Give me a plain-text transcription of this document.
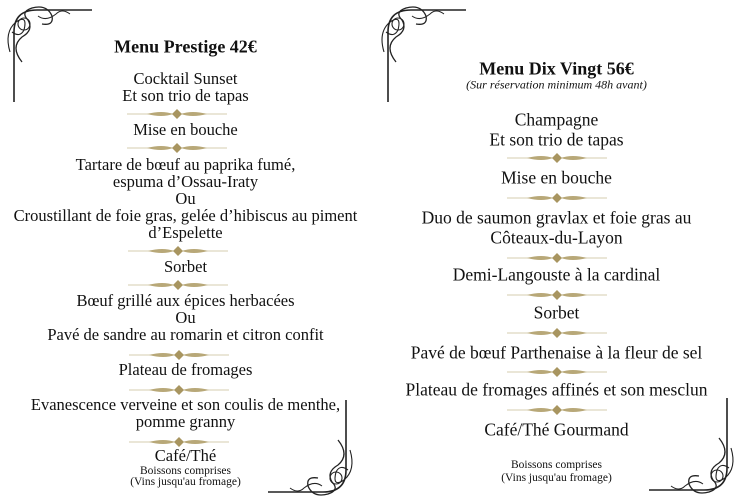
Menu Prestige 42€
Cocktail Sunset
Et son trio de tapas
Mise en bouche
Tartare de bœuf au paprika fumé,
espuma d’Ossau-Iraty
Ou
Croustillant de foie gras, gelée d’hibiscus au piment
d’Espelette
Sorbet
Bœuf grillé aux épices herbacées
Ou
Pavé de sandre au romarin et citron confit
Plateau de fromages
Evanescence verveine et son coulis de menthe,
pomme granny
Café/Thé
Boissons comprises
(Vins jusqu'au fromage)
Menu Dix Vingt 56€
(Sur réservation minimum 48h avant)
Champagne
Et son trio de tapas
Mise en bouche
Duo de saumon gravlax et foie gras au
Côteaux-du-Layon
Demi-Langouste à la cardinal
Sorbet
Pavé de bœuf Parthenaise à la fleur de sel
Plateau de fromages affinés et son mesclun
Café/Thé Gourmand
Boissons comprises
(Vins jusqu'au fromage)
